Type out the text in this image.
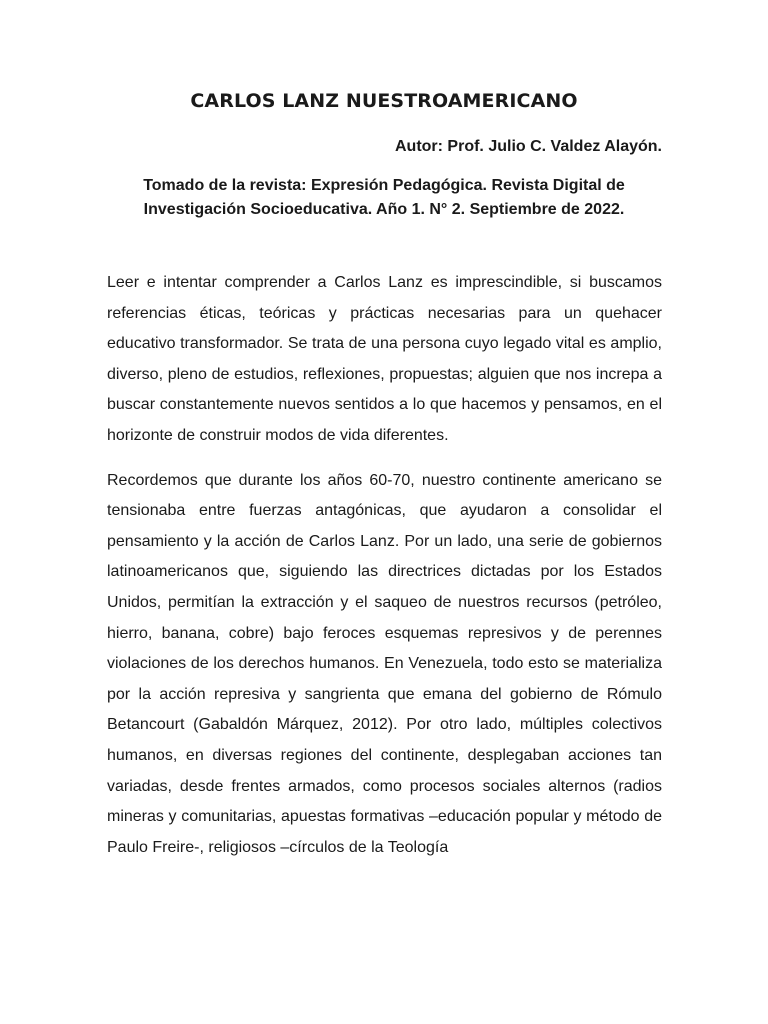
CARLOS LANZ NUESTROAMERICANO

Autor: Prof. Julio C. Valdez Alayón.

Tomado de la revista: Expresión Pedagógica. Revista Digital de Investigación Socioeducativa. Año 1. N° 2. Septiembre de 2022.

Leer e intentar comprender a Carlos Lanz es imprescindible, si buscamos referencias éticas, teóricas y prácticas necesarias para un quehacer educativo transformador. Se trata de una persona cuyo legado vital es amplio, diverso, pleno de estudios, reflexiones, propuestas; alguien que nos increpa a buscar constantemente nuevos sentidos a lo que hacemos y pensamos, en el horizonte de construir modos de vida diferentes.

Recordemos que durante los años 60-70, nuestro continente americano se tensionaba entre fuerzas antagónicas, que ayudaron a consolidar el pensamiento y la acción de Carlos Lanz. Por un lado, una serie de gobiernos latinoamericanos que, siguiendo las directrices dictadas por los Estados Unidos, permitían la extracción y el saqueo de nuestros recursos (petróleo, hierro, banana, cobre) bajo feroces esquemas represivos y de perennes violaciones de los derechos humanos. En Venezuela, todo esto se materializa por la acción represiva y sangrienta que emana del gobierno de Rómulo Betancourt (Gabaldón Márquez, 2012). Por otro lado, múltiples colectivos humanos, en diversas regiones del continente, desplegaban acciones tan variadas, desde frentes armados, como procesos sociales alternos (radios mineras y comunitarias, apuestas formativas –educación popular y método de Paulo Freire-, religiosos –círculos de la Teología
